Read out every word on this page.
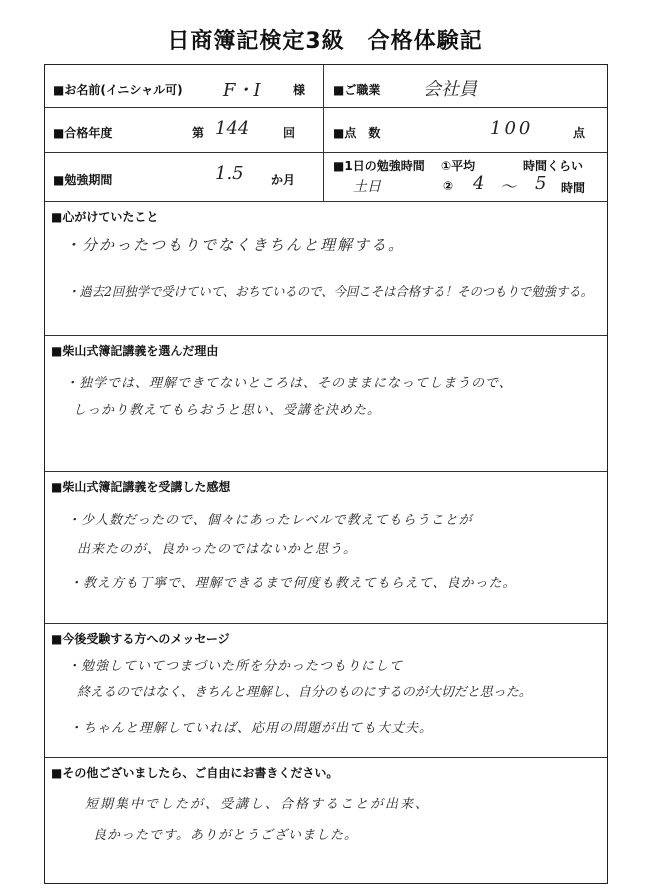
日商簿記検定3級　合格体験記
■お名前(イニシャル可) F・I	様 ■ご職業 会社員
■合格年度	第 144	回	■点　数	100	点
■勉強期間	1.5 か月
■1日の勉強時間 ①平均	時間くらい
土日	② 4 ～ 5 時間
■心がけていたこと
・分かったつもりでなくきちんと理解する。
・過去2回独学で受けていて、おちているので、今回こそは合格する！そのつもりで勉強する。
■柴山式簿記講義を選んだ理由
・独学では、理解できてないところは、そのままになってしまうので、
しっかり教えてもらおうと思い、受講を決めた。
■柴山式簿記講義を受講した感想
・少人数だったので、個々にあったレベルで教えてもらうことが
出来たのが、良かったのではないかと思う。
・教え方も丁寧で、理解できるまで何度も教えてもらえて、良かった。
■今後受験する方へのメッセージ
・勉強していてつまづいた所を分かったつもりにして
終えるのではなく、きちんと理解し、自分のものにするのが大切だと思った。
・ちゃんと理解していれば、応用の問題が出ても大丈夫。
■その他ございましたら、ご自由にお書きください。
短期集中でしたが、受講し、合格することが出来、
良かったです。ありがとうございました。
